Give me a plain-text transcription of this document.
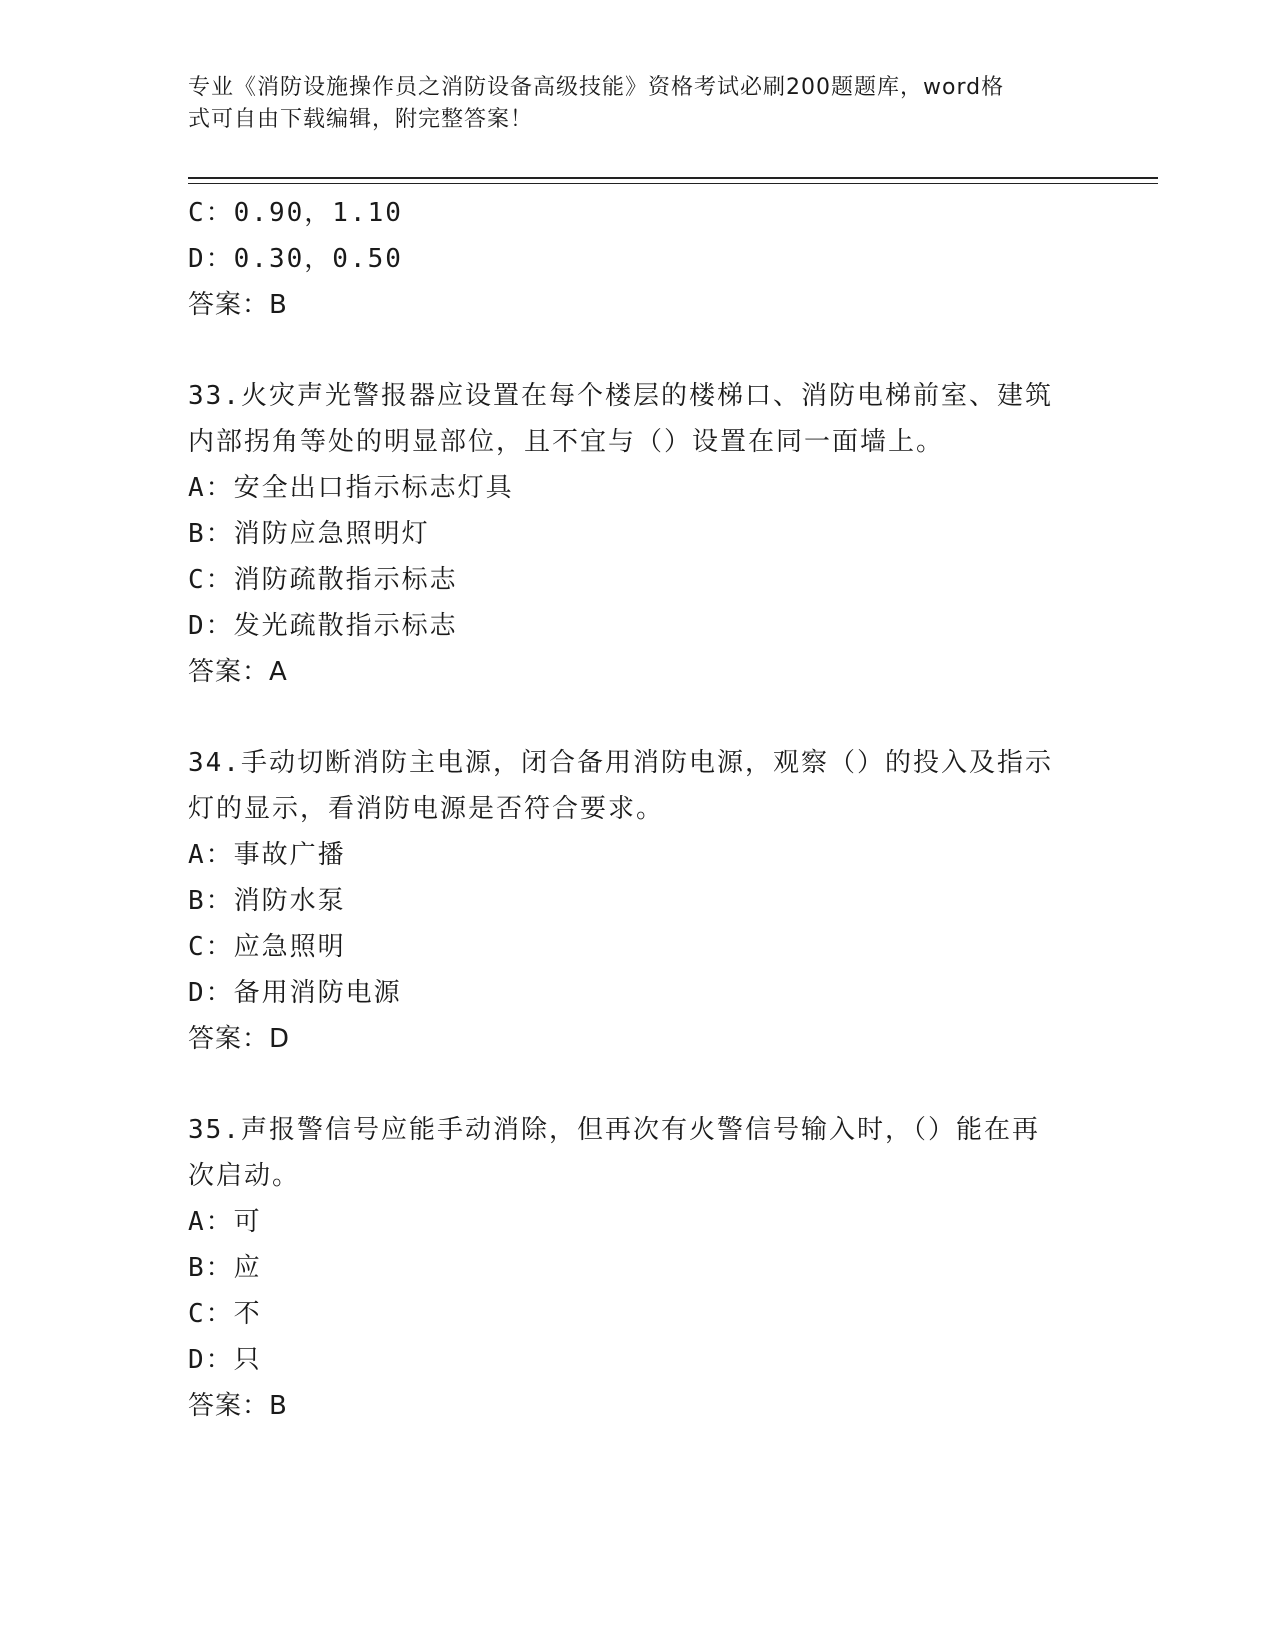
专业《消防设施操作员之消防设备高级技能》资格考试必刷200题题库，word格
式可自由下载编辑，附完整答案！
C：0.90，1.10
D：0.30，0.50
答案：B
33.火灾声光警报器应设置在每个楼层的楼梯口、消防电梯前室、建筑
内部拐角等处的明显部位，且不宜与（）设置在同一面墙上。
A：安全出口指示标志灯具
B：消防应急照明灯
C：消防疏散指示标志
D：发光疏散指示标志
答案：A
34.手动切断消防主电源，闭合备用消防电源，观察（）的投入及指示
灯的显示，看消防电源是否符合要求。
A：事故广播
B：消防水泵
C：应急照明
D：备用消防电源
答案：D
35.声报警信号应能手动消除，但再次有火警信号输入时，（）能在再
次启动。
A：可
B：应
C：不
D：只
答案：B
